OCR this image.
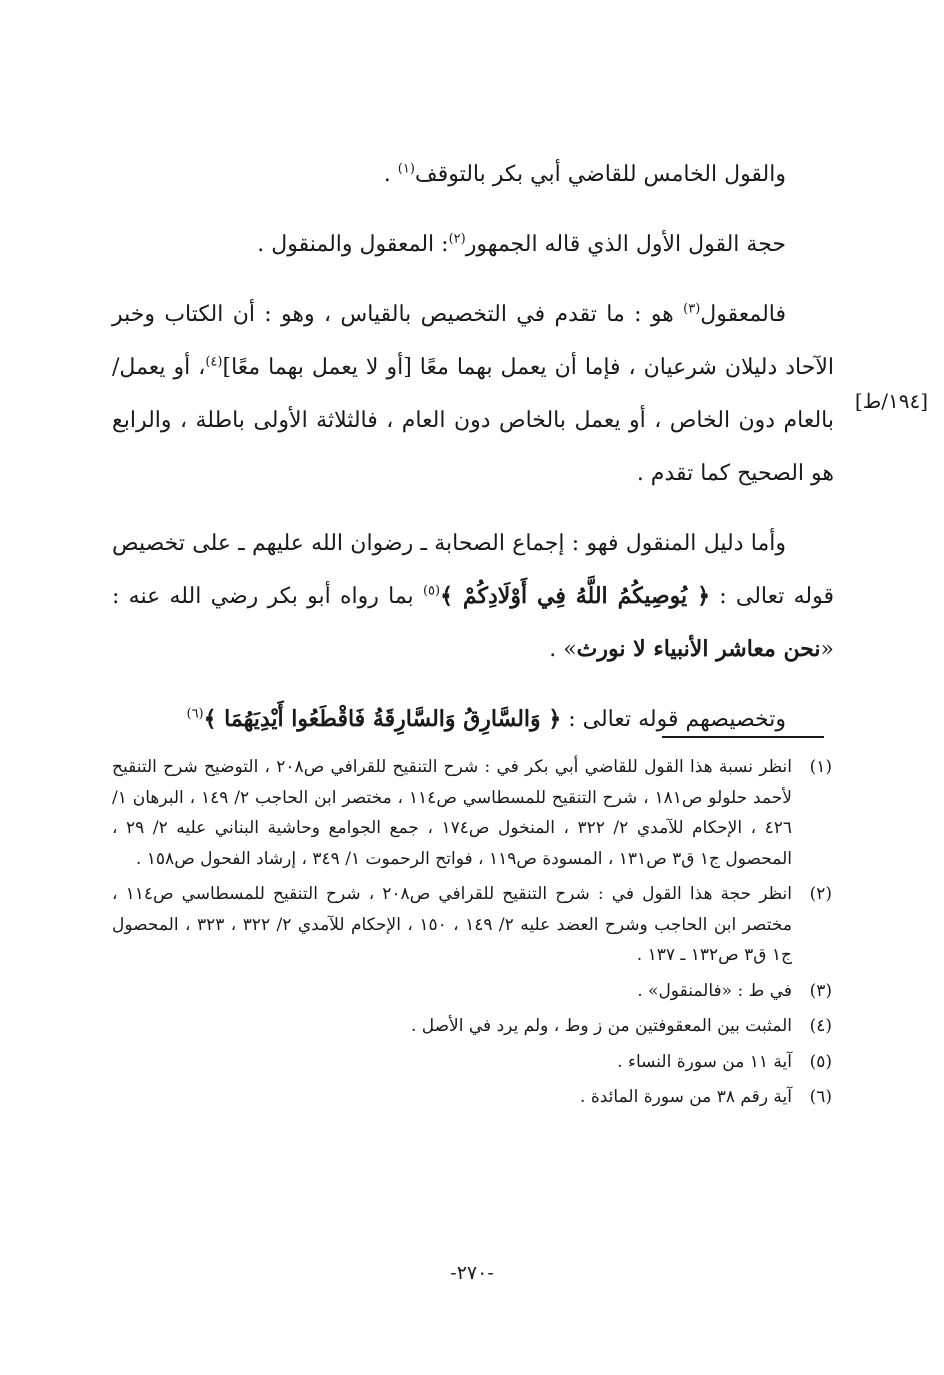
والقول الخامس للقاضي أبي بكر بالتوقف$^{(١)}$ .

حجة القول الأول الذي قاله الجمهور$^{(٢)}$: المعقول والمنقول .

فالمعقول$^{(٣)}$ هو : ما تقدم في التخصيص بالقياس ، وهو : أن الكتاب وخبر الآحاد دليلان شرعيان ، فإما أن يعمل بهما معًا [أو لا يعمل بهما معًا]$^{(٤)}$، أو يعمل/ بالعام دون الخاص ، أو يعمل بالخاص دون العام ، فالثلاثة الأولى باطلة ، والرابع هو الصحيح كما تقدم .

وأما دليل المنقول فهو : إجماع الصحابة ـ رضوان الله عليهم ـ على تخصيص قوله تعالى : ﴿ يُوصِيكُمُ اللَّهُ فِي أَوْلَادِكُمْ ﴾$^{(٥)}$ بما رواه أبو بكر رضي الله عنه : «نحن معاشر الأنبياء لا نورث» .

وتخصيصهم قوله تعالى : ﴿ وَالسَّارِقُ وَالسَّارِقَةُ فَاقْطَعُوا أَيْدِيَهُمَا ﴾$^{(٦)}$

[١٩٤/ط]
(١)
انظر نسبة هذا القول للقاضي أبي بكر في : شرح التنقيح للقرافي ص٢٠٨ ، التوضيح شرح التنقيح لأحمد حلولو ص١٨١ ، شرح التنقيح للمسطاسي ص١١٤ ، مختصر ابن الحاجب ٢/ ١٤٩ ، البرهان ١/ ٤٢٦ ، الإحكام للآمدي ٢/ ٣٢٢ ، المنخول ص١٧٤ ، جمع الجوامع وحاشية البناني عليه ٢/ ٢٩ ، المحصول ج١ ق٣ ص١٣١ ، المسودة ص١١٩ ، فواتح الرحموت ١/ ٣٤٩ ، إرشاد الفحول ص١٥٨ .
(٢)
انظر حجة هذا القول في : شرح التنقيح للقرافي ص٢٠٨ ، شرح التنقيح للمسطاسي ص١١٤ ، مختصر ابن الحاجب وشرح العضد عليه ٢/ ١٤٩ ، ١٥٠ ، الإحكام للآمدي ٢/ ٣٢٢ ، ٣٢٣ ، المحصول ج١ ق٣ ص١٣٢ ـ ١٣٧ .
(٣)
في ط : «فالمنقول» .
(٤)
المثبت بين المعقوفتين من ز وط ، ولم يرد في الأصل .
(٥)
آية ١١ من سورة النساء .
(٦)
آية رقم ٣٨ من سورة المائدة .
-٢٧٠-
